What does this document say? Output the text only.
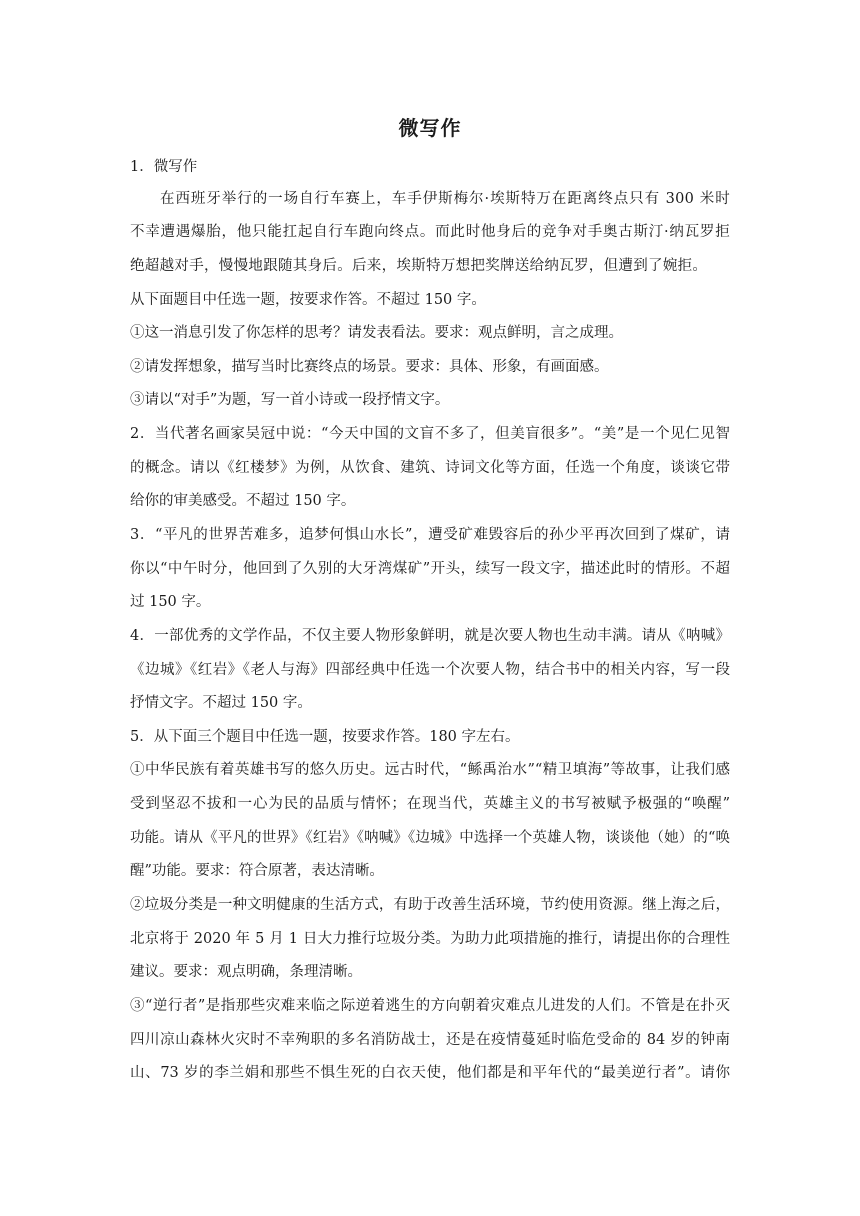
微写作
1．微写作
在西班牙举行的一场自行车赛上，车手伊斯梅尔·埃斯特万在距离终点只有 300 米时
不幸遭遇爆胎，他只能扛起自行车跑向终点。而此时他身后的竞争对手奥古斯汀·纳瓦罗拒
绝超越对手，慢慢地跟随其身后。后来，埃斯特万想把奖牌送给纳瓦罗，但遭到了婉拒。
从下面题目中任选一题，按要求作答。不超过 150 字。
①这一消息引发了你怎样的思考？请发表看法。要求：观点鲜明，言之成理。
②请发挥想象，描写当时比赛终点的场景。要求：具体、形象，有画面感。
③请以“对手”为题，写一首小诗或一段抒情文字。
2．当代著名画家吴冠中说：“今天中国的文盲不多了，但美盲很多”。“美”是一个见仁见智
的概念。请以《红楼梦》为例，从饮食、建筑、诗词文化等方面，任选一个角度，谈谈它带
给你的审美感受。不超过 150 字。
3．“平凡的世界苦难多，追梦何惧山水长”，遭受矿难毁容后的孙少平再次回到了煤矿，请
你以“中午时分，他回到了久别的大牙湾煤矿”开头，续写一段文字，描述此时的情形。不超
过 150 字。
4．一部优秀的文学作品，不仅主要人物形象鲜明，就是次要人物也生动丰满。请从《呐喊》
《边城》《红岩》《老人与海》四部经典中任选一个次要人物，结合书中的相关内容，写一段
抒情文字。不超过 150 字。
5．从下面三个题目中任选一题，按要求作答。180 字左右。
①中华民族有着英雄书写的悠久历史。远古时代，“鲧禹治水”“精卫填海”等故事，让我们感
受到坚忍不拔和一心为民的品质与情怀；在现当代，英雄主义的书写被赋予极强的“唤醒”
功能。请从《平凡的世界》《红岩》《呐喊》《边城》中选择一个英雄人物，谈谈他（她）的“唤
醒”功能。要求：符合原著，表达清晰。
②垃圾分类是一种文明健康的生活方式，有助于改善生活环境，节约使用资源。继上海之后，
北京将于 2020 年 5 月 1 日大力推行垃圾分类。为助力此项措施的推行，请提出你的合理性
建议。要求：观点明确，条理清晰。
③“逆行者”是指那些灾难来临之际逆着逃生的方向朝着灾难点儿进发的人们。不管是在扑灭
四川凉山森林火灾时不幸殉职的多名消防战士，还是在疫情蔓延时临危受命的 84 岁的钟南
山、73 岁的李兰娟和那些不惧生死的白衣天使，他们都是和平年代的“最美逆行者”。请你
